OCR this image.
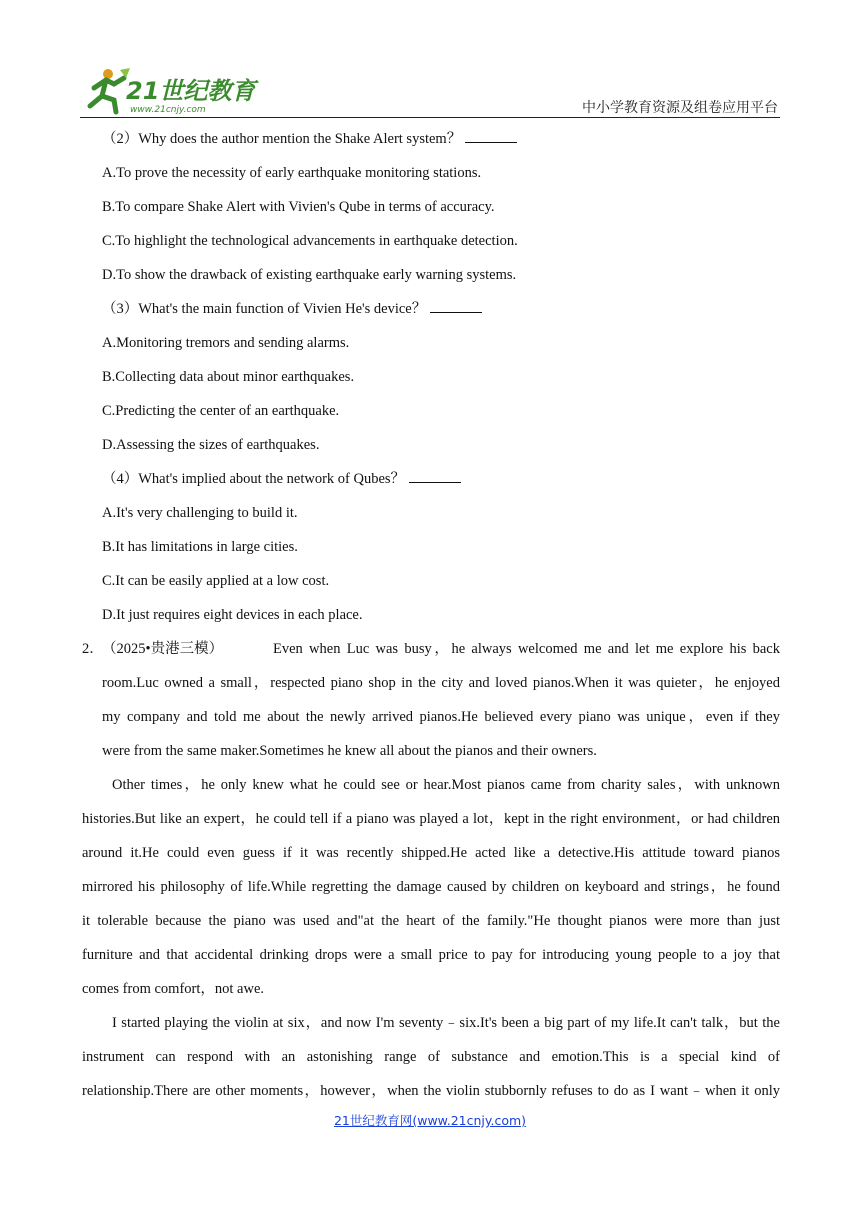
21世纪教育
www.21cnjy.com	中小学教育资源及组卷应用平台
（2）Why does the author mention the Shake Alert system？
A.To prove the necessity of early earthquake monitoring stations.
B.To compare Shake Alert with Vivien's Qube in terms of accuracy.
C.To highlight the technological advancements in earthquake detection.
D.To show the drawback of existing earthquake early warning systems.
（3）What's the main function of Vivien He's device？
A.Monitoring tremors and sending alarms.
B.Collecting data about minor earthquakes.
C.Predicting the center of an earthquake.
D.Assessing the sizes of earthquakes.
（4）What's implied about the network of Qubes？
A.It's very challenging to build it.
B.It has limitations in large cities.
C.It can be easily applied at a low cost.
D.It just requires eight devices in each place.
2．
（2025•贵港三模）	Even when Luc was busy，he always welcomed me and let me explore his back
room.Luc owned a small，respected piano shop in the city and loved pianos.When it was quieter，he enjoyed
my company and told me about the newly arrived pianos.He believed every piano was unique，even if they
were from the same maker.Sometimes he knew all about the pianos and their owners.
Other times，he only knew what he could see or hear.Most pianos came from charity sales，with unknown
histories.But like an expert，he could tell if a piano was played a lot，kept in the right environment，or had children
around it.He could even guess if it was recently shipped.He acted like a detective.His attitude toward pianos
mirrored his philosophy of life.While regretting the damage caused by children on keyboard and strings，he found
it tolerable because the piano was used and"at the heart of the family."He thought pianos were more than just
furniture and that accidental drinking drops were a small price to pay for introducing young people to a joy that
comes from comfort，not awe.
I started playing the violin at six，and now I'm seventy﹣six.It's been a big part of my life.It can't talk，but the
instrument can respond with an astonishing range of substance and emotion.This is a special kind of
relationship.There are other moments，however，when the violin stubbornly refuses to do as I want﹣when it only
21世纪教育网(www.21cnjy.com)
